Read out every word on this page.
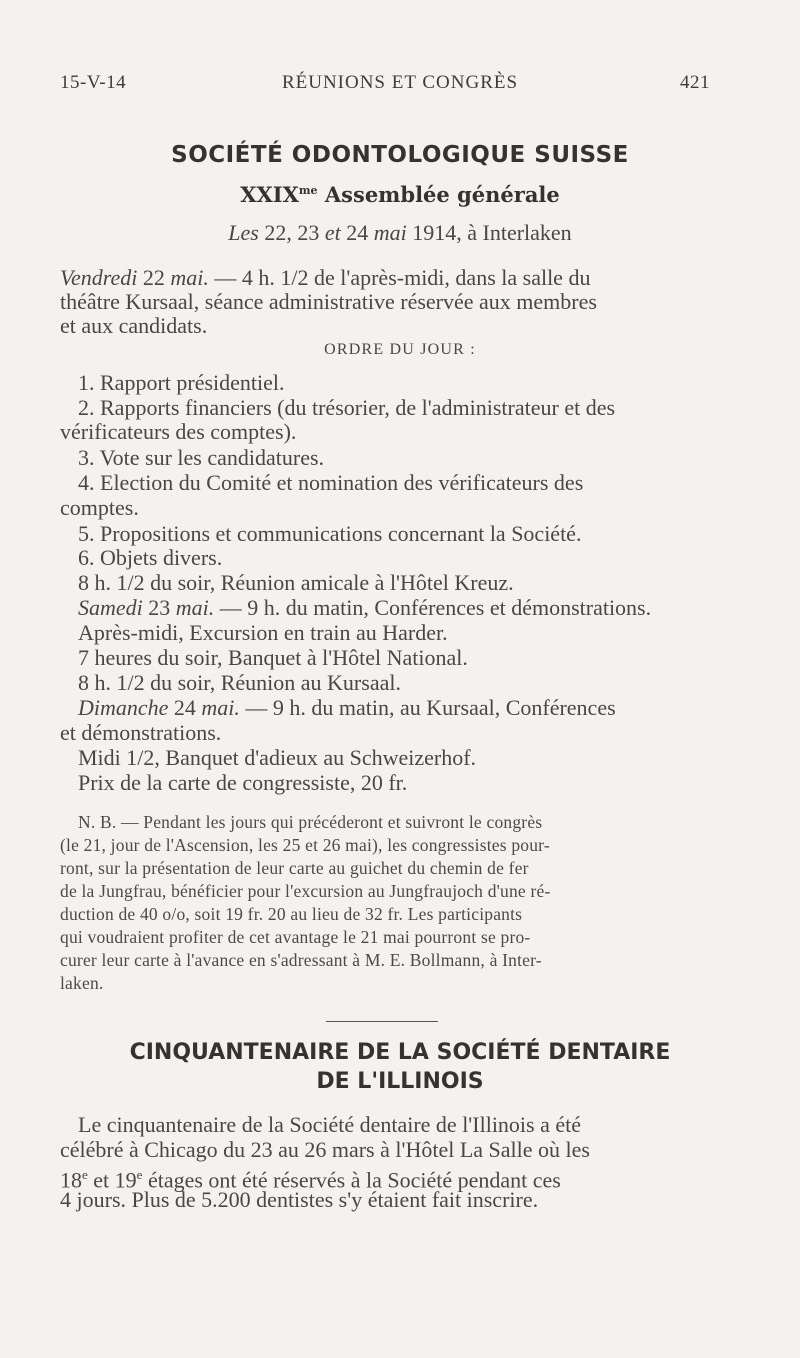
15-V-14	RÉUNIONS ET CONGRÈS	421
SOCIÉTÉ ODONTOLOGIQUE SUISSE
$XXIX^{me}$ Assemblée générale
Les 22, 23 et 24 mai 1914, à Interlaken
Vendredi 22 mai. — 4 h. 1/2 de l'après-midi, dans la salle du
théâtre Kursaal, séance administrative réservée aux membres
et aux candidats.
ORDRE DU JOUR :
1. Rapport présidentiel.
2. Rapports financiers (du trésorier, de l'administrateur et des
vérificateurs des comptes).
3. Vote sur les candidatures.
4. Election du Comité et nomination des vérificateurs des
comptes.
5. Propositions et communications concernant la Société.
6. Objets divers.
8 h. 1/2 du soir, Réunion amicale à l'Hôtel Kreuz.
Samedi 23 mai. — 9 h. du matin, Conférences et démonstrations.
Après-midi, Excursion en train au Harder.
7 heures du soir, Banquet à l'Hôtel National.
8 h. 1/2 du soir, Réunion au Kursaal.
Dimanche 24 mai. — 9 h. du matin, au Kursaal, Conférences
et démonstrations.
Midi 1/2, Banquet d'adieux au Schweizerhof.
Prix de la carte de congressiste, 20 fr.
N. B. — Pendant les jours qui précéderont et suivront le congrès
(le 21, jour de l'Ascension, les 25 et 26 mai), les congressistes pour-
ront, sur la présentation de leur carte au guichet du chemin de fer
de la Jungfrau, bénéficier pour l'excursion au Jungfraujoch d'une ré-
duction de 40 o/o, soit 19 fr. 20 au lieu de 32 fr. Les participants
qui voudraient profiter de cet avantage le 21 mai pourront se pro-
curer leur carte à l'avance en s'adressant à M. E. Bollmann, à Inter-
laken.
CINQUANTENAIRE DE LA SOCIÉTÉ DENTAIRE
DE L'ILLINOIS
Le cinquantenaire de la Société dentaire de l'Illinois a été
célébré à Chicago du 23 au 26 mars à l'Hôtel La Salle où les
18e et 19e étages ont été réservés à la Société pendant ces
4 jours. Plus de 5.200 dentistes s'y étaient fait inscrire.
